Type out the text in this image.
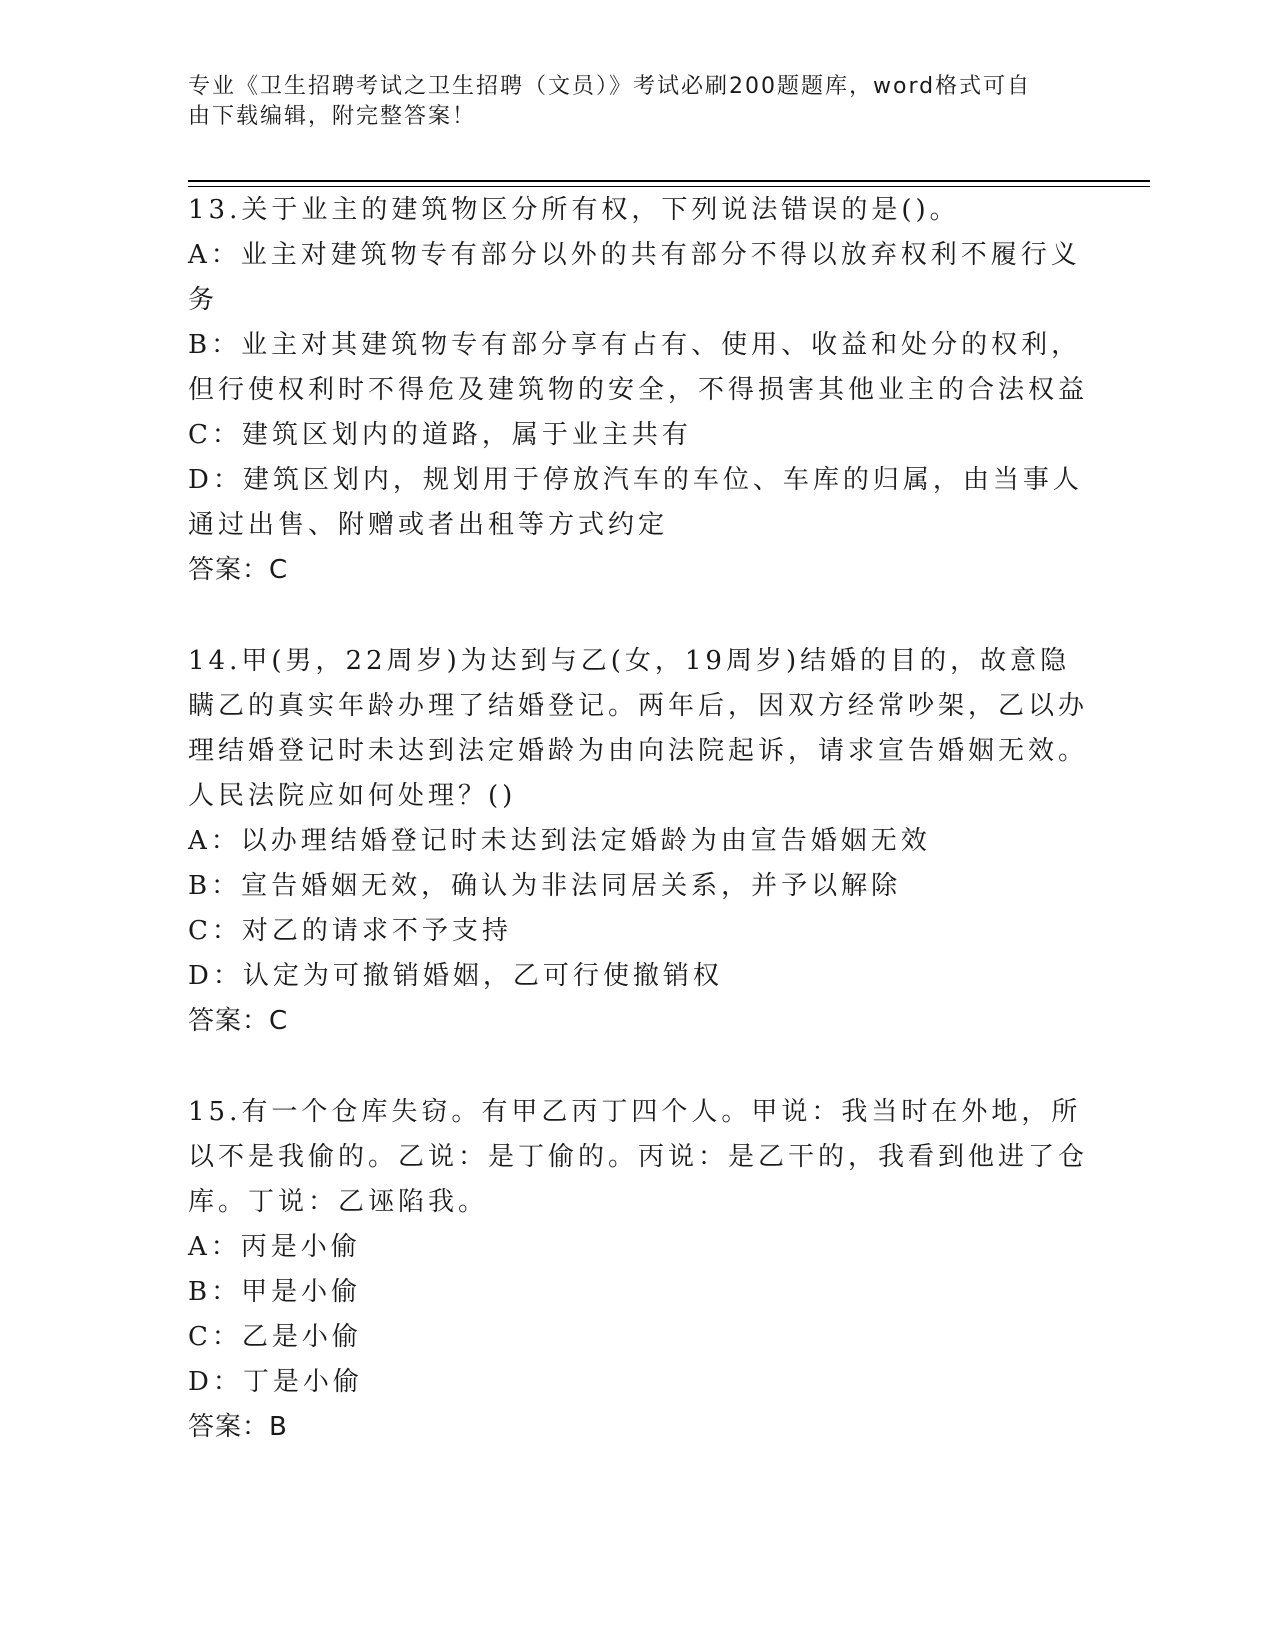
专业《卫生招聘考试之卫生招聘（文员）》考试必刷200题题库，word格式可自
由下载编辑，附完整答案！

13.关于业主的建筑物区分所有权，下列说法错误的是()。

A：业主对建筑物专有部分以外的共有部分不得以放弃权利不履行义务

B：业主对其建筑物专有部分享有占有、使用、收益和处分的权利，但行使权利时不得危及建筑物的安全，不得损害其他业主的合法权益

C：建筑区划内的道路，属于业主共有

D：建筑区划内，规划用于停放汽车的车位、车库的归属，由当事人通过出售、附赠或者出租等方式约定

答案：C

14.甲(男，22周岁)为达到与乙(女，19周岁)结婚的目的，故意隐瞒乙的真实年龄办理了结婚登记。两年后，因双方经常吵架，乙以办理结婚登记时未达到法定婚龄为由向法院起诉，请求宣告婚姻无效。人民法院应如何处理？()

A：以办理结婚登记时未达到法定婚龄为由宣告婚姻无效

B：宣告婚姻无效，确认为非法同居关系，并予以解除

C：对乙的请求不予支持

D：认定为可撤销婚姻，乙可行使撤销权

答案：C

15.有一个仓库失窃。有甲乙丙丁四个人。甲说：我当时在外地，所以不是我偷的。乙说：是丁偷的。丙说：是乙干的，我看到他进了仓库。丁说：乙诬陷我。

A：丙是小偷

B：甲是小偷

C：乙是小偷

D：丁是小偷

答案：B
